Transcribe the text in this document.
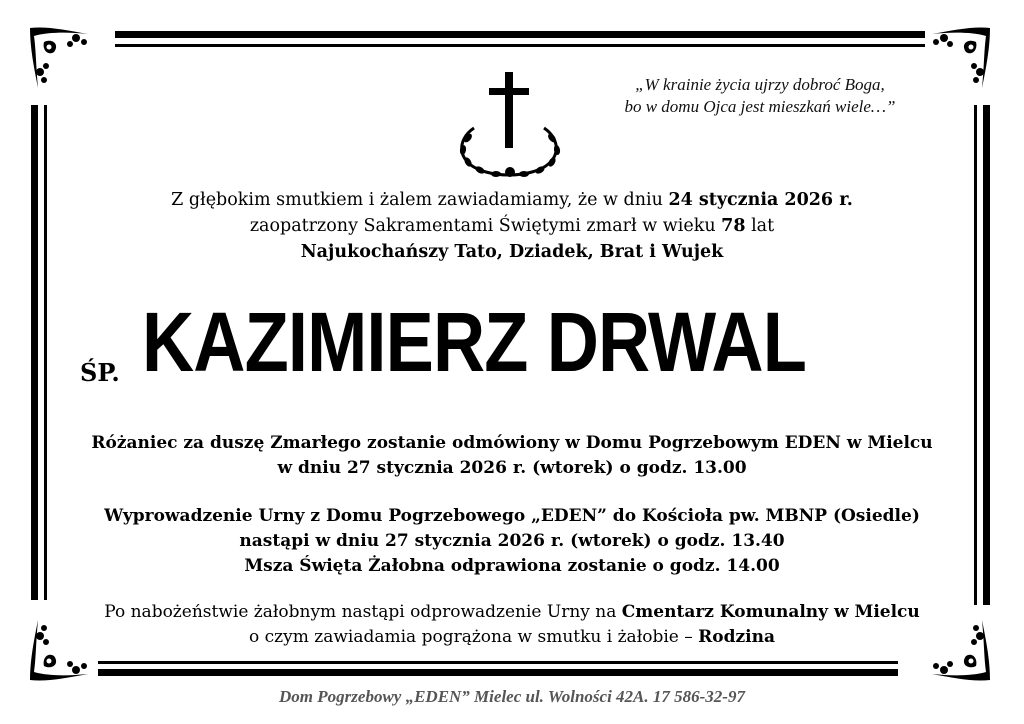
„W krainie życia ujrzy dobroć Boga,
bo w domu Ojca jest mieszkań wiele…”
Z głębokim smutkiem i żalem zawiadamiamy, że w dniu 24 stycznia 2026 r.
zaopatrzony Sakramentami Świętymi zmarł w wieku 78 lat
Najukochańszy Tato, Dziadek, Brat i Wujek
ŚP. KAZIMIERZ DRWAL
Różaniec za duszę Zmarłego zostanie odmówiony w Domu Pogrzebowym EDEN w Mielcu
w dniu 27 stycznia 2026 r. (wtorek) o godz. 13.00
Wyprowadzenie Urny z Domu Pogrzebowego „EDEN” do Kościoła pw. MBNP (Osiedle)
nastąpi w dniu 27 stycznia 2026 r. (wtorek) o godz. 13.40
Msza Święta Żałobna odprawiona zostanie o godz. 14.00
Po nabożeństwie żałobnym nastąpi odprowadzenie Urny na Cmentarz Komunalny w Mielcu
o czym zawiadamia pogrążona w smutku i żałobie – Rodzina
Dom Pogrzebowy „EDEN” Mielec ul. Wolności 42A. 17 586-32-97
